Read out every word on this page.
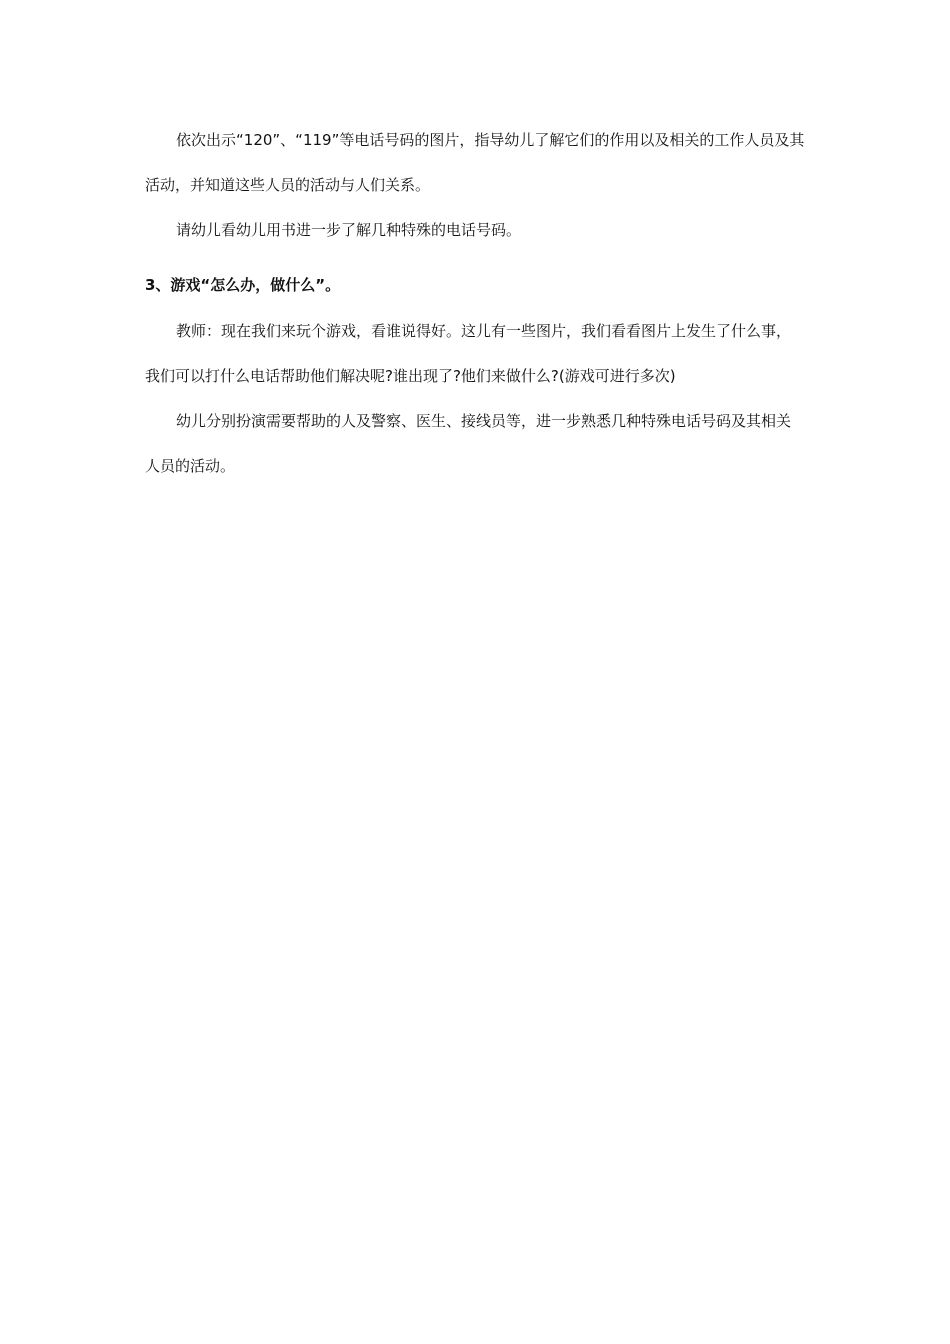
依次出示“120”、“119”等电话号码的图片，指导幼儿了解它们的作用以及相关的工作人员及其活动，并知道这些人员的活动与人们关系。

请幼儿看幼儿用书进一步了解几种特殊的电话号码。

3、游戏“怎么办，做什么”。

教师：现在我们来玩个游戏，看谁说得好。这儿有一些图片，我们看看图片上发生了什么事，我们可以打什么电话帮助他们解决呢?谁出现了?他们来做什么?(游戏可进行多次)

幼儿分别扮演需要帮助的人及警察、医生、接线员等，进一步熟悉几种特殊电话号码及其相关人员的活动。
